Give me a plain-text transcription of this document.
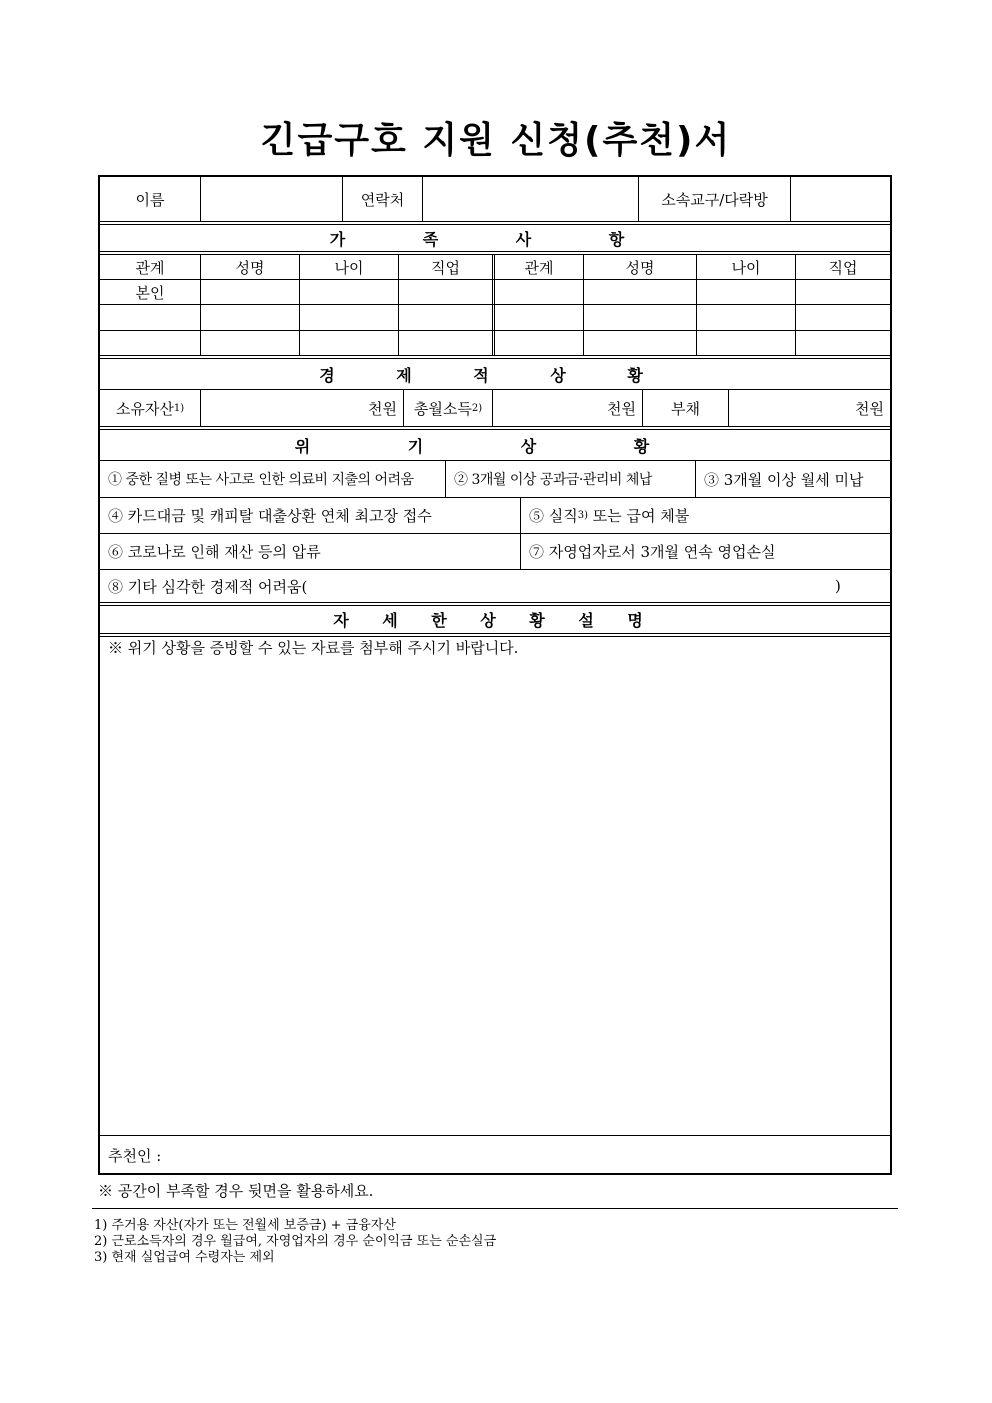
긴급구호 지원 신청(추천)서
이름	연락처	소속교구/다락방
가 족 사 항
관계	성명	나이	직업	관계	성명	나이	직업
본인
경 제 적 상 황
소유자산 1)	천원 총월소득 2)	천원	부채	천원
위 기 상 황
① 중한 질병 또는 사고로 인한 의료비 지출의 어려움	② 3개월 이상 공과금·관리비 체납	③ 3개월 이상 월세 미납
④ 카드대금 및 캐피탈 대출상환 연체 최고장 접수	⑤ 실직 3) 또는 급여 체불
⑥ 코로나로 인해 재산 등의 압류	⑦ 자영업자로서 3개월 연속 영업손실
⑧ 기타 심각한 경제적 어려움(	)
자 세 한 상 황 설 명
※ 위기 상황을 증빙할 수 있는 자료를 첨부해 주시기 바랍니다.
추천인 :
※ 공간이 부족할 경우 뒷면을 활용하세요.
1) 주거용 자산(자가 또는 전월세 보증금) + 금융자산
2) 근로소득자의 경우 월급여, 자영업자의 경우 순이익금 또는 순손실금
3) 현재 실업급여 수령자는 제외
